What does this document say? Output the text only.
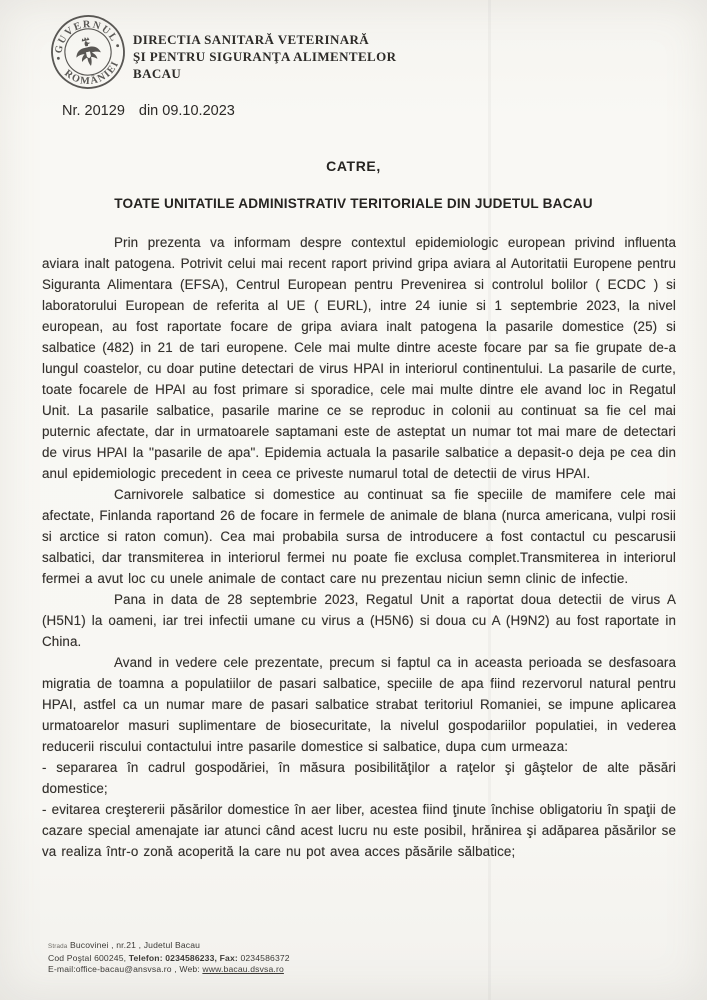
GUVERNUL
ROMÂNIEI
DIRECTIA SANITARĂ VETERINARĂ
ŞI PENTRU SIGURANŢA ALIMENTELOR
BACAU
Nr. 20129 din 09.10.2023
CATRE,
TOATE UNITATILE ADMINISTRATIV TERITORIALE DIN JUDETUL BACAU

Prin prezenta va informam despre contextul epidemiologic european privind influenta aviara inalt patogena. Potrivit celui mai recent raport privind gripa aviara al Autoritatii Europene pentru Siguranta Alimentara (EFSA), Centrul European pentru Prevenirea si controlul bolilor ( ECDC ) si laboratorului European de referita al UE ( EURL), intre 24 iunie si 1 septembrie 2023, la nivel european, au fost raportate focare de gripa aviara inalt patogena la pasarile domestice (25) si salbatice (482) in 21 de tari europene. Cele mai multe dintre aceste focare par sa fie grupate de-a lungul coastelor, cu doar putine detectari de virus HPAI in interiorul continentului. La pasarile de curte, toate focarele de HPAI au fost primare si sporadice, cele mai multe dintre ele avand loc in Regatul Unit. La pasarile salbatice, pasarile marine ce se reproduc in colonii au continuat sa fie cel mai puternic afectate, dar in urmatoarele saptamani este de asteptat un numar tot mai mare de detectari de virus HPAI la ''pasarile de apa". Epidemia actuala la pasarile salbatice a depasit-o deja pe cea din anul epidemiologic precedent in ceea ce priveste numarul total de detectii de virus HPAI.

Carnivorele salbatice si domestice au continuat sa fie speciile de mamifere cele mai afectate, Finlanda raportand 26 de focare in fermele de animale de blana (nurca americana, vulpi rosii si arctice si raton comun). Cea mai probabila sursa de introducere a fost contactul cu pescarusii salbatici, dar transmiterea in interiorul fermei nu poate fie exclusa complet.Transmiterea in interiorul fermei a avut loc cu unele animale de contact care nu prezentau niciun semn clinic de infectie.

Pana in data de 28 septembrie 2023, Regatul Unit a raportat doua detectii de virus A (H5N1) la oameni, iar trei infectii umane cu virus a (H5N6) si doua cu A (H9N2) au fost raportate in China.

Avand in vedere cele prezentate, precum si faptul ca in aceasta perioada se desfasoara migratia de toamna a populatiilor de pasari salbatice, speciile de apa fiind rezervorul natural pentru HPAI, astfel ca un numar mare de pasari salbatice strabat teritoriul Romaniei, se impune aplicarea urmatoarelor masuri suplimentare de biosecuritate, la nivelul gospodariilor populatiei, in vederea reducerii riscului contactului intre pasarile domestice si salbatice, dupa cum urmeaza:

- separarea în cadrul gospodăriei, în măsura posibilităţilor a raţelor şi gâştelor de alte păsări domestice;

- evitarea creştererii păsărilor domestice în aer liber, acestea fiind ţinute închise obligatoriu în spaţii de cazare special amenajate iar atunci când acest lucru nu este posibil, hrănirea şi adăparea păsărilor se va realiza într-o zonă acoperită la care nu pot avea acces păsările sălbatice;

Strada Bucovinei , nr.21 , Judetul Bacau
Cod Poştal 600245, Telefon: 0234586233, Fax: 0234586372
E-mail:office-bacau@ansvsa.ro , Web: www.bacau.dsvsa.ro
